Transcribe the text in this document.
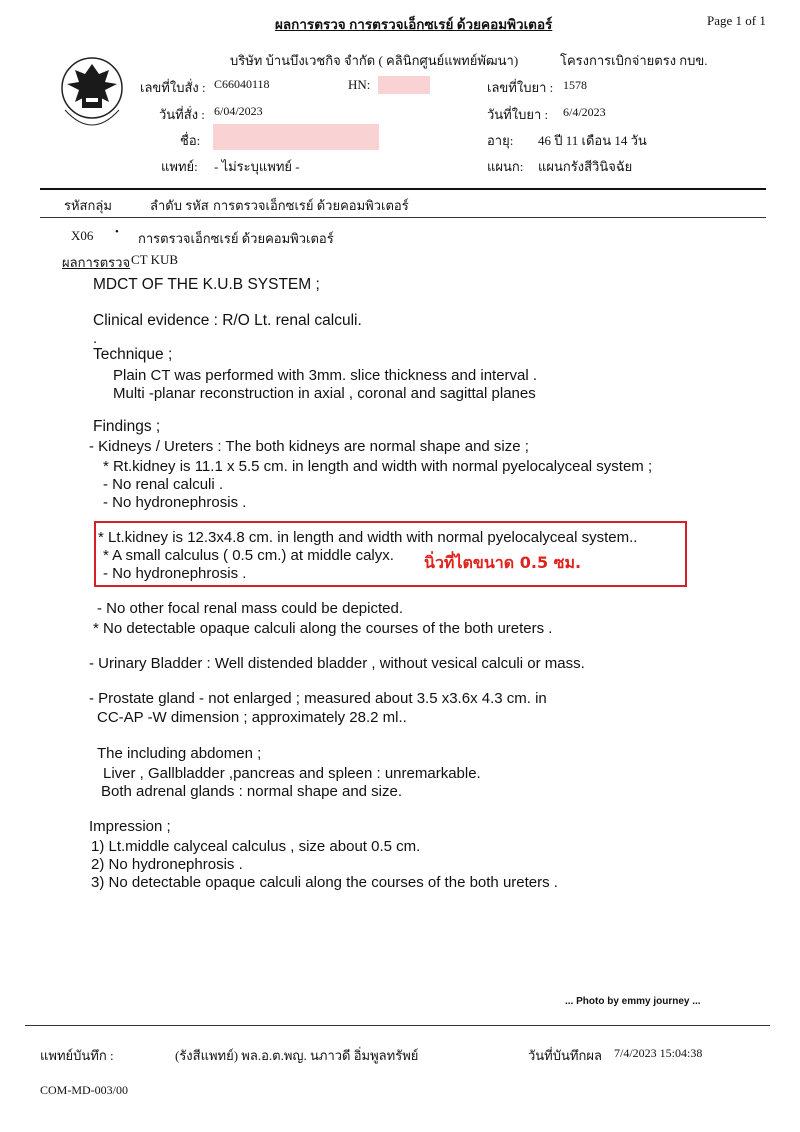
ผลการตรวจ การตรวจเอ็กซเรย์ ด้วยคอมพิวเตอร์	Page 1 of 1
บริษัท บ้านบึงเวชกิจ จำกัด ( คลินิกศูนย์แพทย์พัฒนา)	โครงการเบิกจ่ายตรง กบข.
เลขที่ใบสั่ง : C66040118	HN:	เลขที่ใบยา : 1578
วันที่สั่ง : 6/04/2023	วันที่ใบยา : 6/4/2023
ชื่อ:	อายุ: 46 ปี 11 เดือน 14 วัน
แพทย์: - ไม่ระบุแพทย์ -	แผนก: แผนกรังสีวินิจฉัย
รหัสกลุ่ม	ลำดับ รหัส การตรวจเอ็กซเรย์ ด้วยคอมพิวเตอร์
X06 • การตรวจเอ็กซเรย์ ด้วยคอมพิวเตอร์
ผลการตรวจ CT KUB
MDCT OF THE K.U.B SYSTEM ;
Clinical evidence : R/O Lt. renal calculi.
.
Technique ;
Plain CT was performed with 3mm. slice thickness and interval .
Multi -planar reconstruction in axial , coronal and sagittal planes
Findings ;
- Kidneys / Ureters : The both kidneys are normal shape and size ;
* Rt.kidney is 11.1 x 5.5 cm. in length and width with normal pyelocalyceal system ;
- No renal calculi .
- No hydronephrosis .
* Lt.kidney is 12.3x4.8 cm. in length and width with normal pyelocalyceal system..
* A small calculus ( 0.5 cm.) at middle calyx.
- No hydronephrosis .
นิ่วที่ไตขนาด 0.5 ซม.
- No other focal renal mass could be depicted.
* No detectable opaque calculi along the courses of the both ureters .
- Urinary Bladder : Well distended bladder , without vesical calculi or mass.
- Prostate gland - not enlarged ; measured about 3.5 x3.6x 4.3 cm. in
CC-AP -W dimension ; approximately 28.2 ml..
The including abdomen ;
Liver , Gallbladder ,pancreas and spleen : unremarkable.
Both adrenal glands : normal shape and size.
Impression ;
1) Lt.middle calyceal calculus , size about 0.5 cm.
2) No hydronephrosis .
3) No detectable opaque calculi along the courses of the both ureters .
... Photo by emmy journey ...
แพทย์บันทึก :	(รังสีแพทย์) พล.อ.ต.พญ. นภาวดี อิ่มพูลทรัพย์	วันที่บันทึกผล 7/4/2023 15:04:38
COM-MD-003/00
